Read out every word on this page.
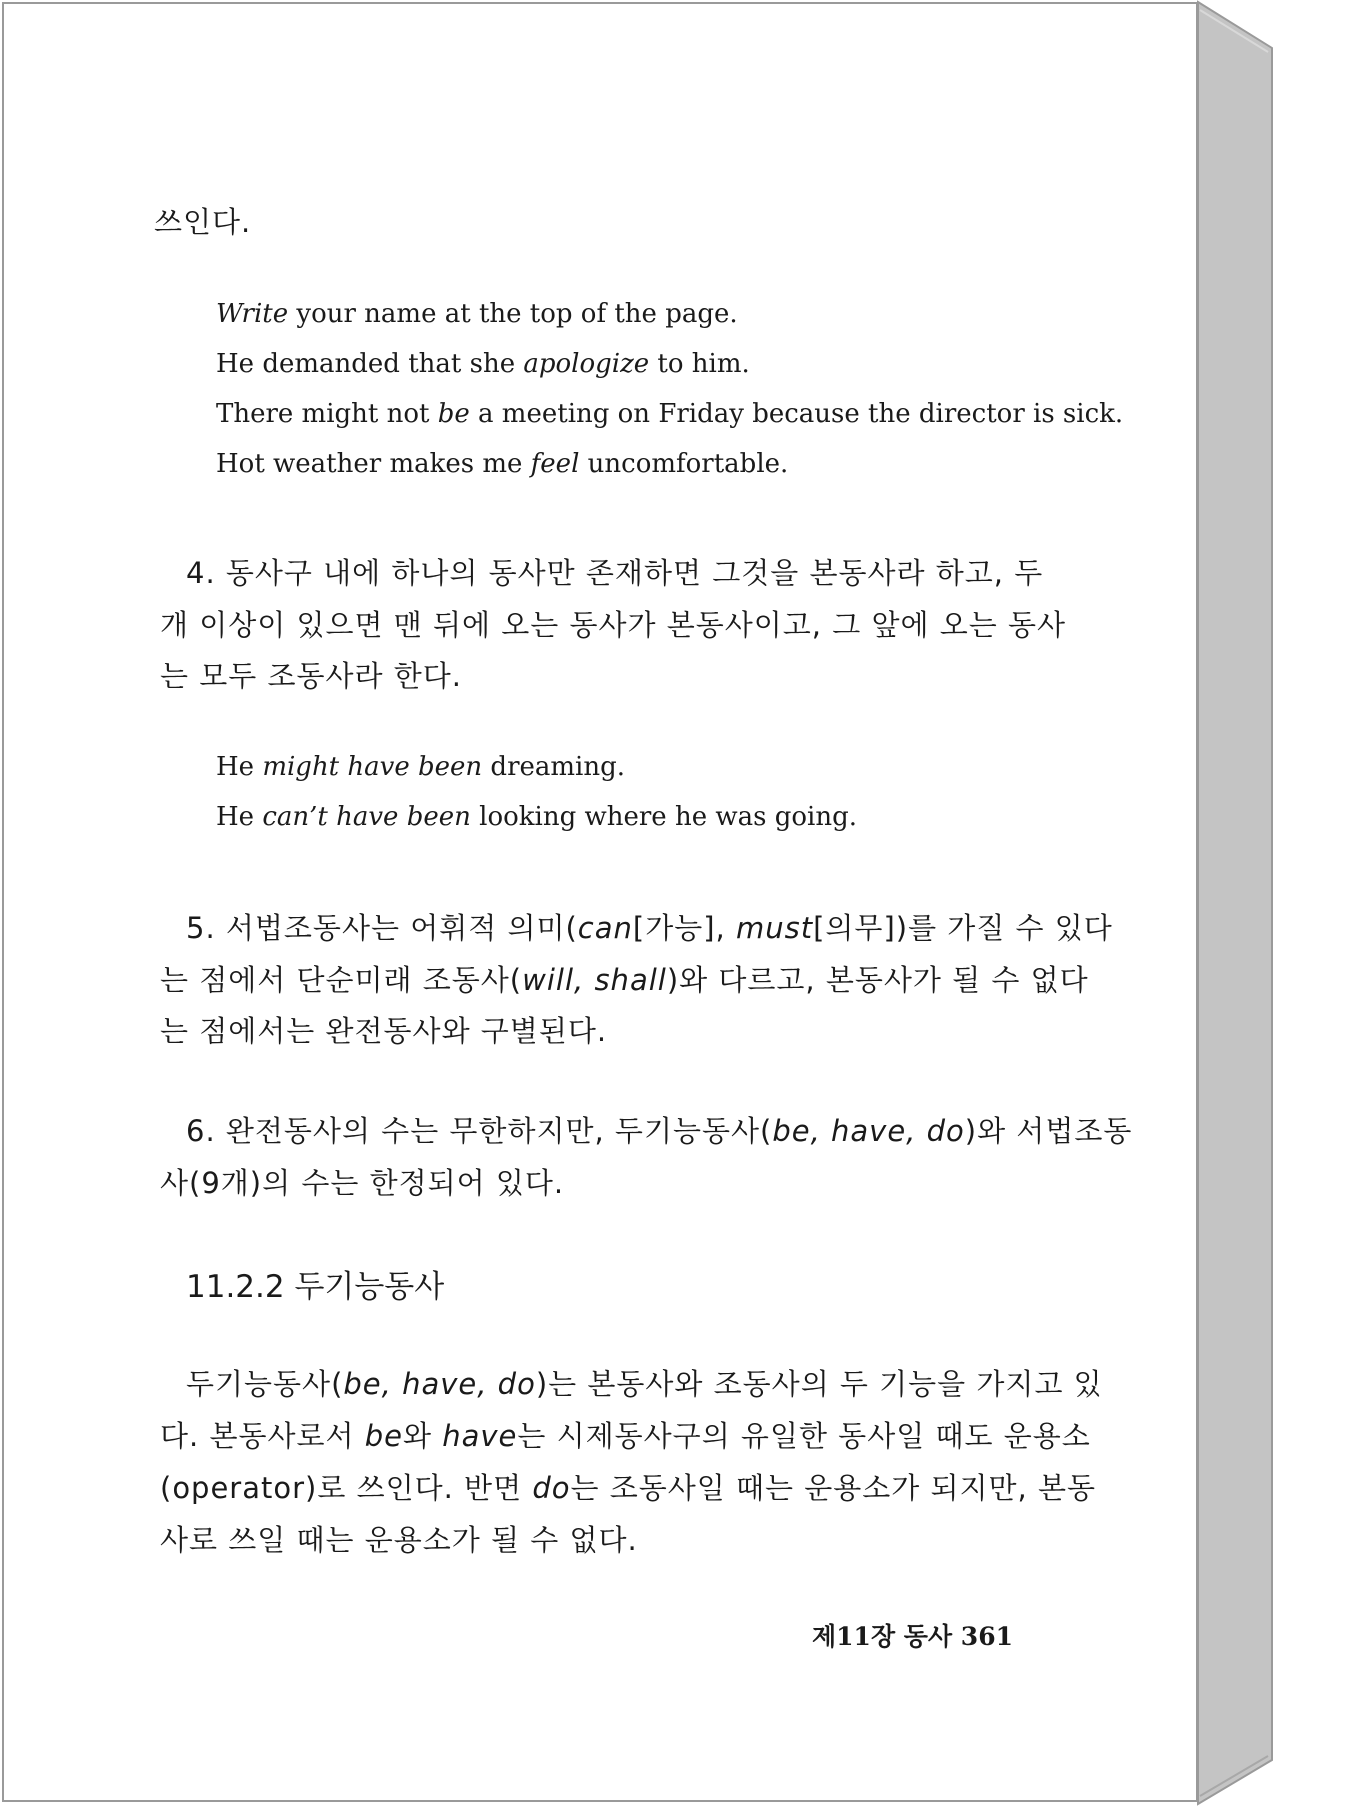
쓰인다.

Write your name at the top of the page.

He demanded that she apologize to him.

There might not be a meeting on Friday because the director is sick.

Hot weather makes me feel uncomfortable.

4. 동사구 내에 하나의 동사만 존재하면 그것을 본동사라 하고, 두

개 이상이 있으면 맨 뒤에 오는 동사가 본동사이고, 그 앞에 오는 동사

는 모두 조동사라 한다.

He might have been dreaming.

He can’t have been looking where he was going.

5. 서법조동사는 어휘적 의미(can[가능], must[의무])를 가질 수 있다

는 점에서 단순미래 조동사(will, shall)와 다르고, 본동사가 될 수 없다

는 점에서는 완전동사와 구별된다.

6. 완전동사의 수는 무한하지만, 두기능동사(be, have, do)와 서법조동

사(9개)의 수는 한정되어 있다.

11.2.2 두기능동사

두기능동사(be, have, do)는 본동사와 조동사의 두 기능을 가지고 있

다. 본동사로서 be와 have는 시제동사구의 유일한 동사일 때도 운용소

(operator)로 쓰인다. 반면 do는 조동사일 때는 운용소가 되지만, 본동

사로 쓰일 때는 운용소가 될 수 없다.

제11장 동사 361
